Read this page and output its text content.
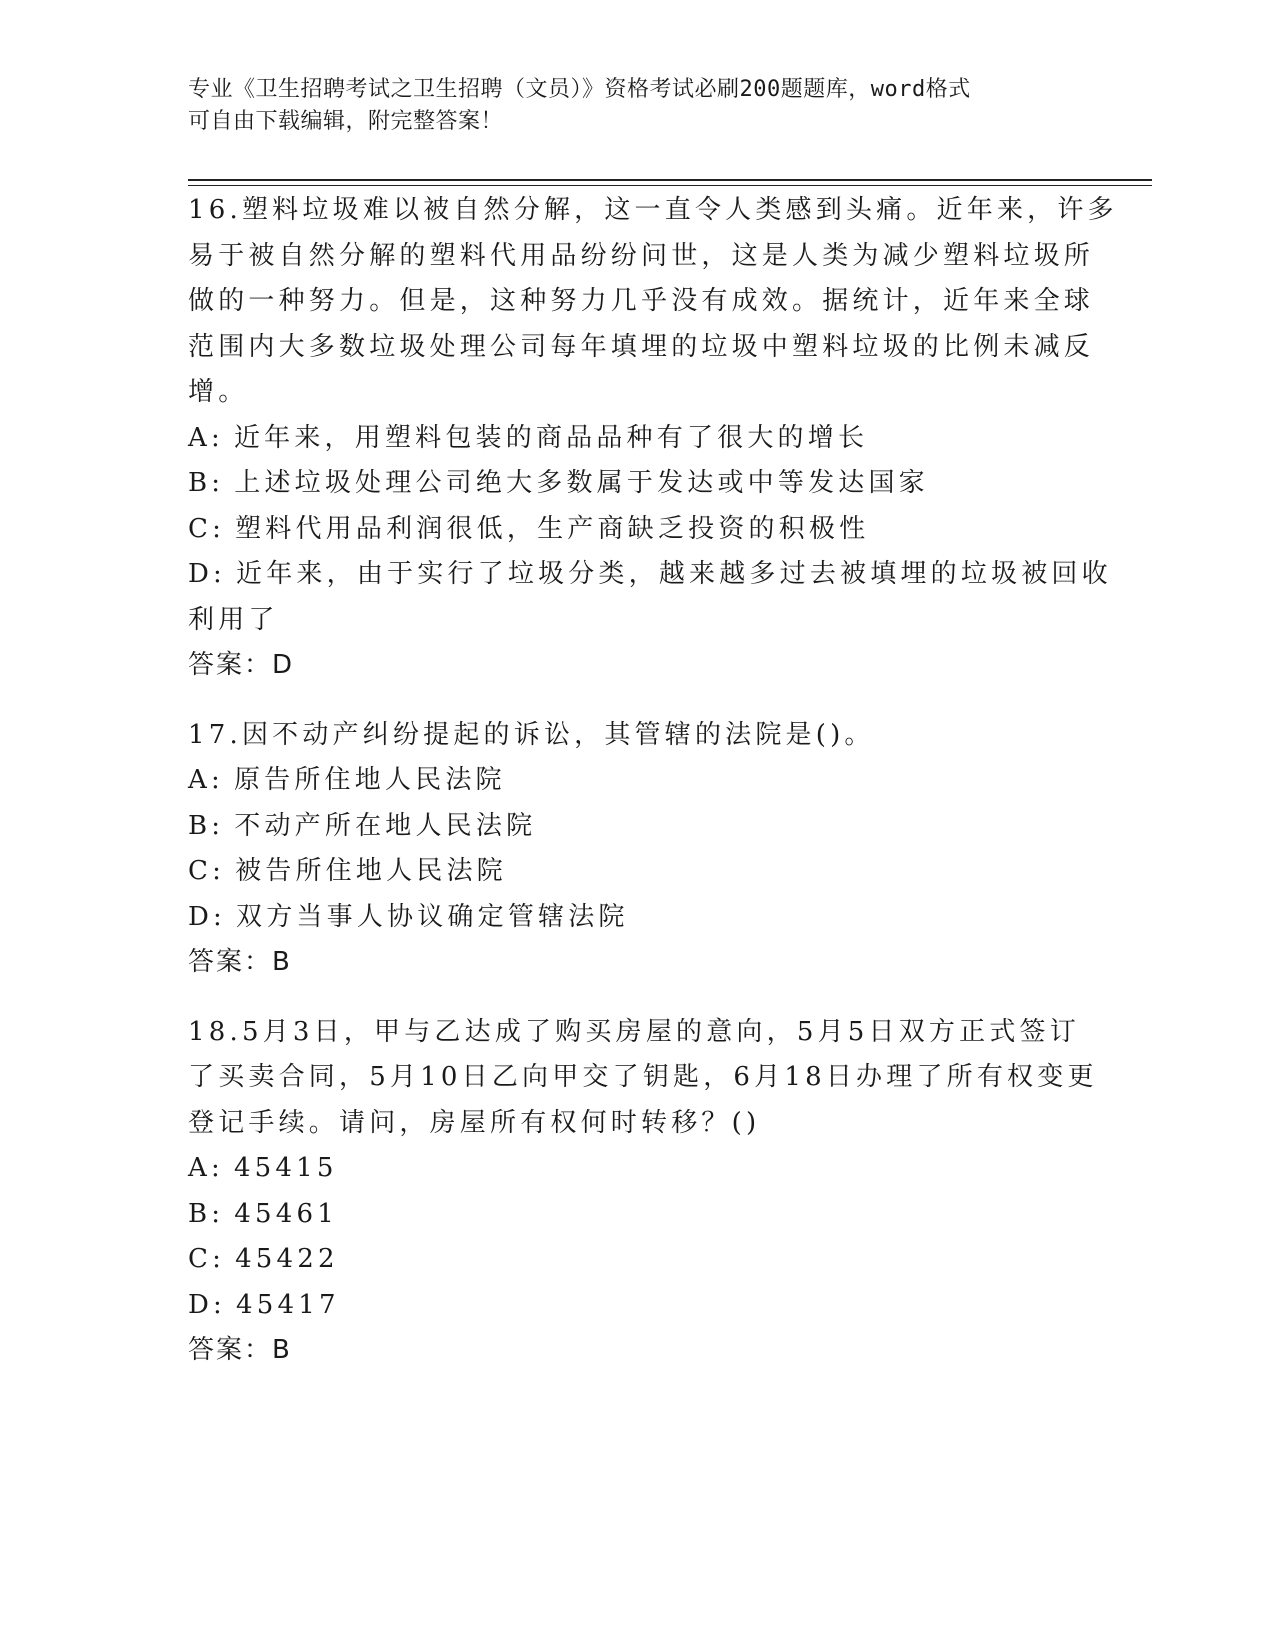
专业《卫生招聘考试之卫生招聘（文员）》资格考试必刷200题题库，word格式
可自由下载编辑，附完整答案！
16.塑料垃圾难以被自然分解，这一直令人类感到头痛。近年来，许多
易于被自然分解的塑料代用品纷纷问世，这是人类为减少塑料垃圾所
做的一种努力。但是，这种努力几乎没有成效。据统计，近年来全球
范围内大多数垃圾处理公司每年填埋的垃圾中塑料垃圾的比例未减反
增。
A: 近年来，用塑料包装的商品品种有了很大的增长
B: 上述垃圾处理公司绝大多数属于发达或中等发达国家
C: 塑料代用品利润很低，生产商缺乏投资的积极性
D: 近年来，由于实行了垃圾分类，越来越多过去被填埋的垃圾被回收
利用了
答案：D
17.因不动产纠纷提起的诉讼，其管辖的法院是()。
A: 原告所住地人民法院
B: 不动产所在地人民法院
C: 被告所住地人民法院
D: 双方当事人协议确定管辖法院
答案：B
18.5月3日，甲与乙达成了购买房屋的意向，5月5日双方正式签订
了买卖合同，5月10日乙向甲交了钥匙，6月18日办理了所有权变更
登记手续。请问，房屋所有权何时转移？()
A: 45415
B: 45461
C: 45422
D: 45417
答案：B
